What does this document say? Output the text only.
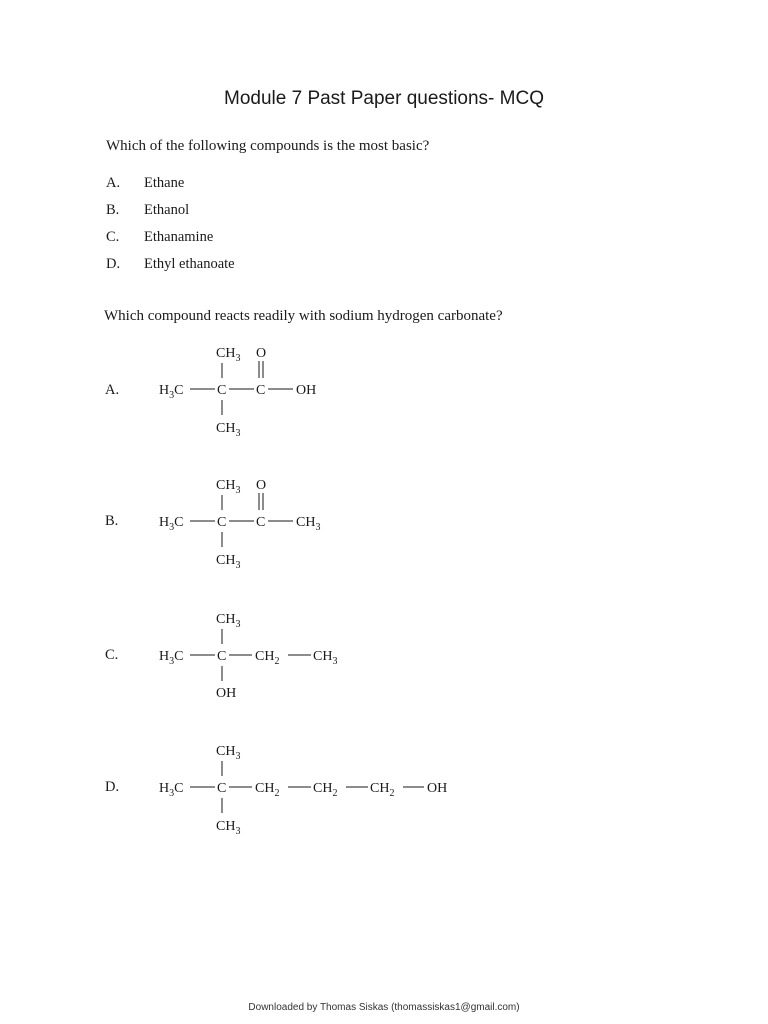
Module 7 Past Paper questions- MCQ
Which of the following compounds is the most basic?
A. Ethane
B. Ethanol
C. Ethanamine
D. Ethyl ethanoate
Which compound reacts readily with sodium hydrogen carbonate?
A.
$CH_3$ O
$H_3C$ C C OH
$CH_3$
B.
$CH_3$ O
$H_3C$ C C $CH_3$
$CH_3$
C.
$CH_3$
$H_3C$ C $CH_2$ $CH_3$
OH
D.
$CH_3$
$H_3C$ C $CH_2$ $CH_2$ $CH_2$ OH
$CH_3$
Downloaded by Thomas Siskas (thomassiskas1@gmail.com)
